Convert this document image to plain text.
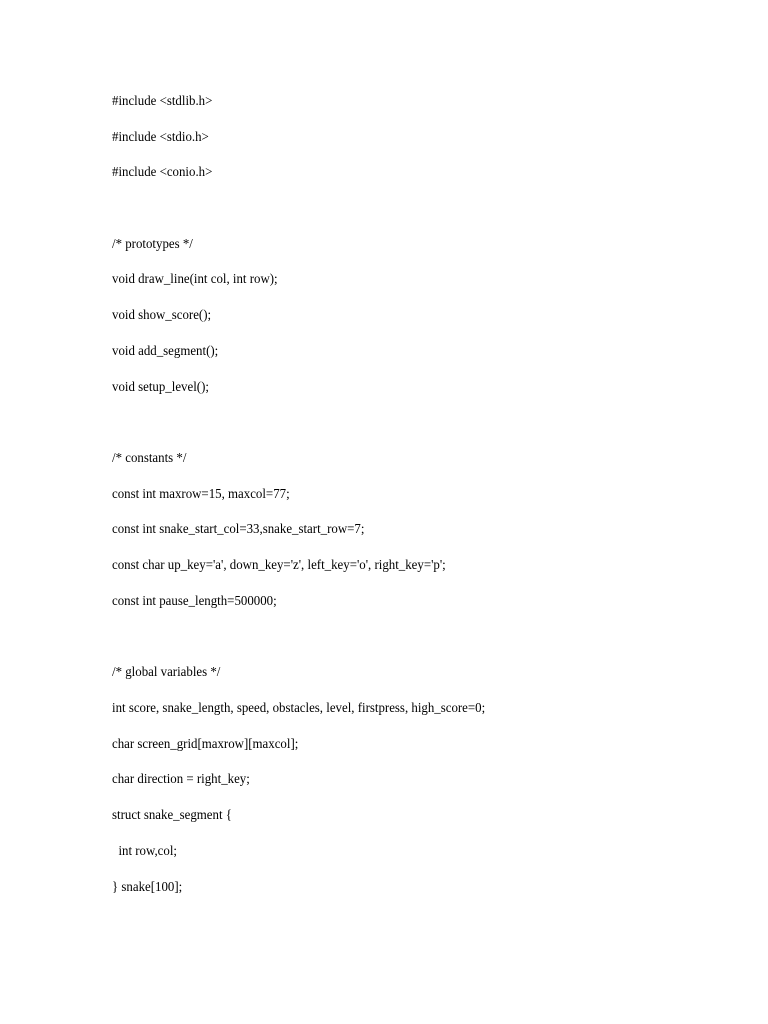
#include <stdlib.h>
#include <stdio.h>
#include <conio.h>
/* prototypes */
void draw_line(int col, int row);
void show_score();
void add_segment();
void setup_level();
/* constants */
const int maxrow=15, maxcol=77;
const int snake_start_col=33,snake_start_row=7;
const char up_key='a', down_key='z', left_key='o', right_key='p';
const int pause_length=500000;
/* global variables */
int score, snake_length, speed, obstacles, level, firstpress, high_score=0;
char screen_grid[maxrow][maxcol];
char direction = right_key;
struct snake_segment {
int row,col;
} snake[100];
